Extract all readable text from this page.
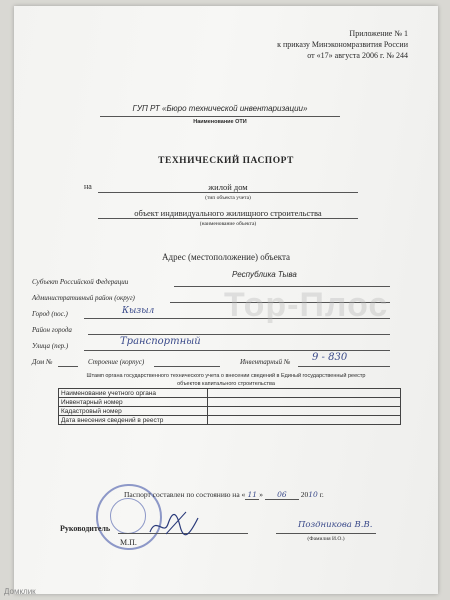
Приложение № 1
к приказу Минэкономразвития России
от «17» августа 2006 г. № 244
ГУП РТ «Бюро технической инвентаризации»
Наименование ОТИ
ТЕХНИЧЕСКИЙ ПАСПОРТ
на	жилой дом
(тип объекта учета)
объект индивидуального жилищного строительства
(наименование объекта)
Адрес (местоположение) объекта
Субъект Российской Федерации
Республика Тыва
Административный район (округ)
Город (пос.)	Кызыл
Район города
Улица (пер.)	Транспортный
Дом №	Строение (корпус)	Инвентарный № 9 - 830
Тор-Плос
Штамп органа государственного технического учета о внесении сведений в Единый государственный реестр
объектов капитального строительства
Наименование учетного органа	
Инвентарный номер	
Кадастровый номер	
Дата внесения сведений в реестр	
Паспорт составлен по состоянию на « 11 » 06 2010 г.
Руководитель	Поздникова В.В.
(Фамилия И.О.)
М.П.
Домклик
